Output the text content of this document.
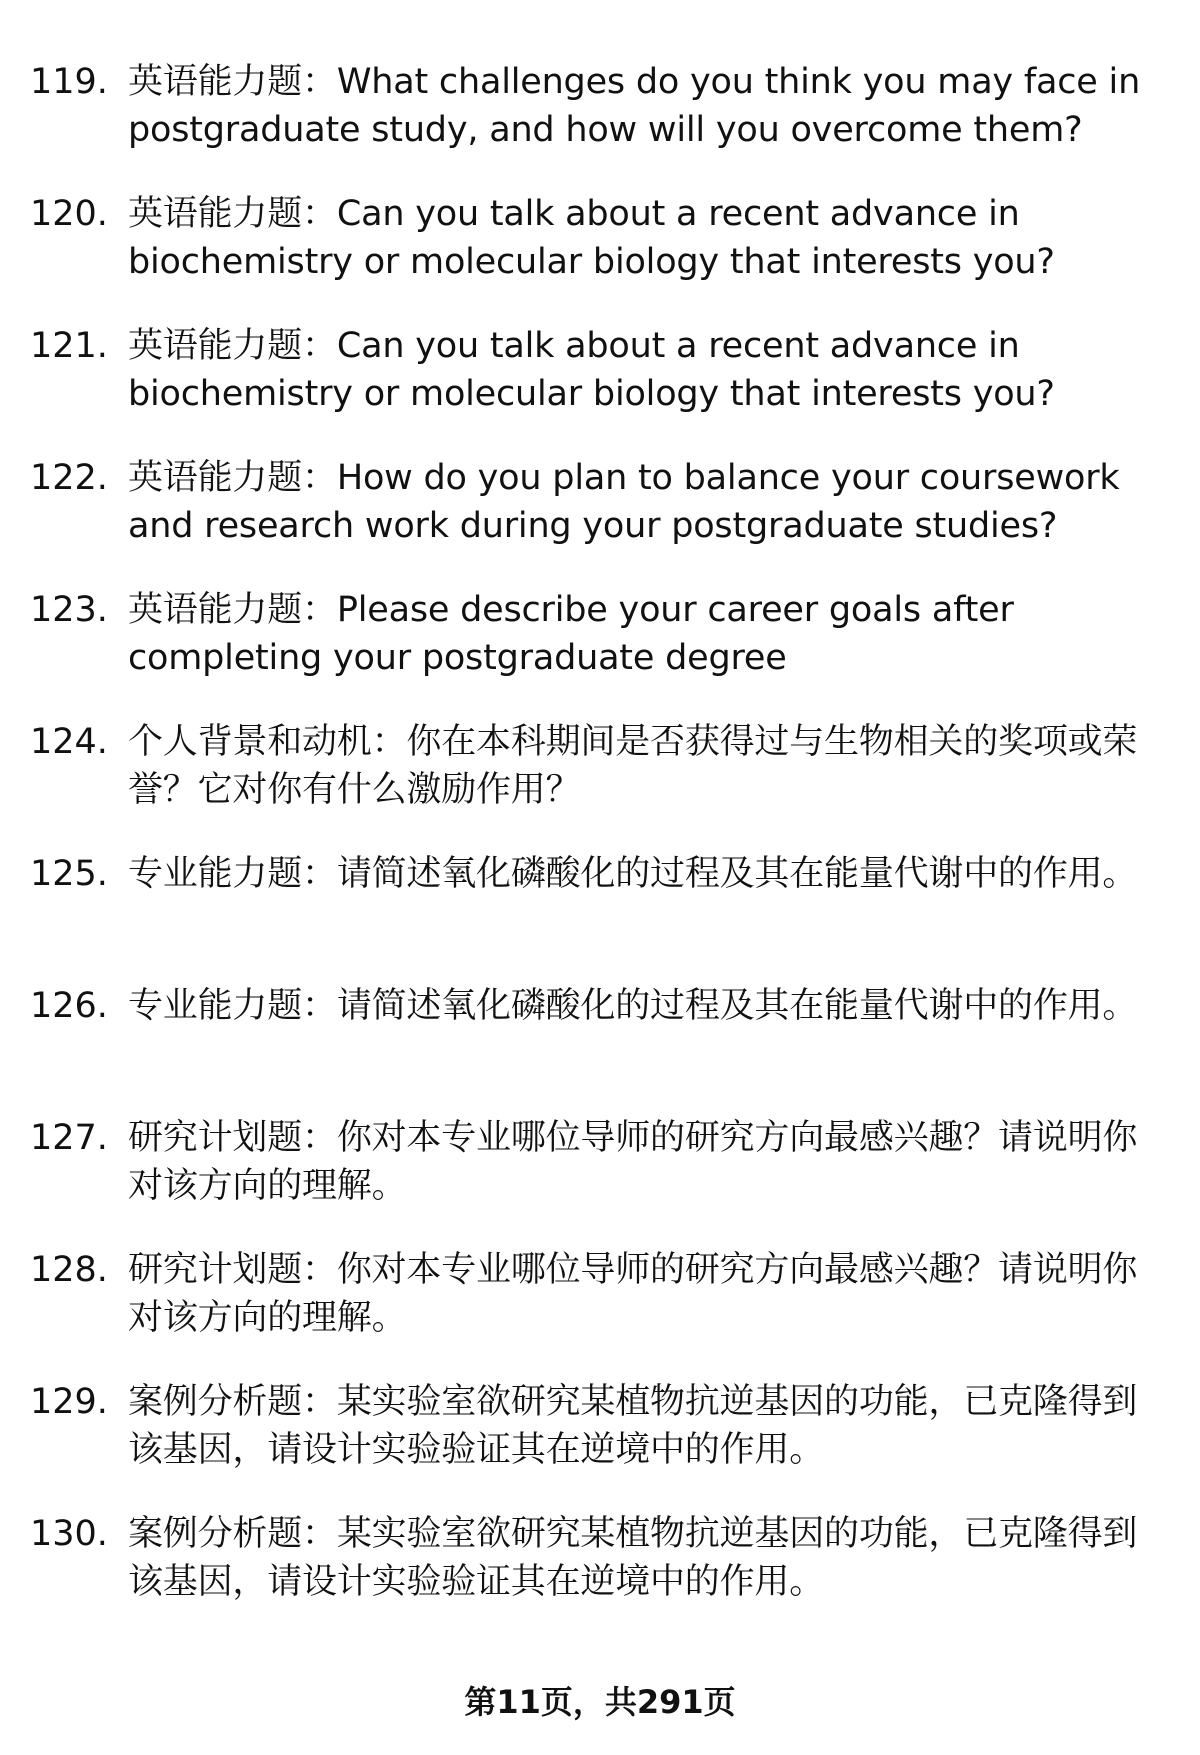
119. 英语能力题：What challenges do you think you may face in postgraduate study, and how will you overcome them?
120. 英语能力题：Can you talk about a recent advance in biochemistry or molecular biology that interests you?
121. 英语能力题：Can you talk about a recent advance in biochemistry or molecular biology that interests you?
122. 英语能力题：How do you plan to balance your coursework and research work during your postgraduate studies?
123. 英语能力题：Please describe your career goals after completing your postgraduate degree
124. 个人背景和动机：你在本科期间是否获得过与生物相关的奖项或荣誉？它对你有什么激励作用？
125. 专业能力题：请简述氧化磷酸化的过程及其在能量代谢中的作用。
126. 专业能力题：请简述氧化磷酸化的过程及其在能量代谢中的作用。
127. 研究计划题：你对本专业哪位导师的研究方向最感兴趣？请说明你对该方向的理解。
128. 研究计划题：你对本专业哪位导师的研究方向最感兴趣？请说明你对该方向的理解。
129. 案例分析题：某实验室欲研究某植物抗逆基因的功能，已克隆得到该基因，请设计实验验证其在逆境中的作用。
130. 案例分析题：某实验室欲研究某植物抗逆基因的功能，已克隆得到该基因，请设计实验验证其在逆境中的作用。
第11页，共291页
